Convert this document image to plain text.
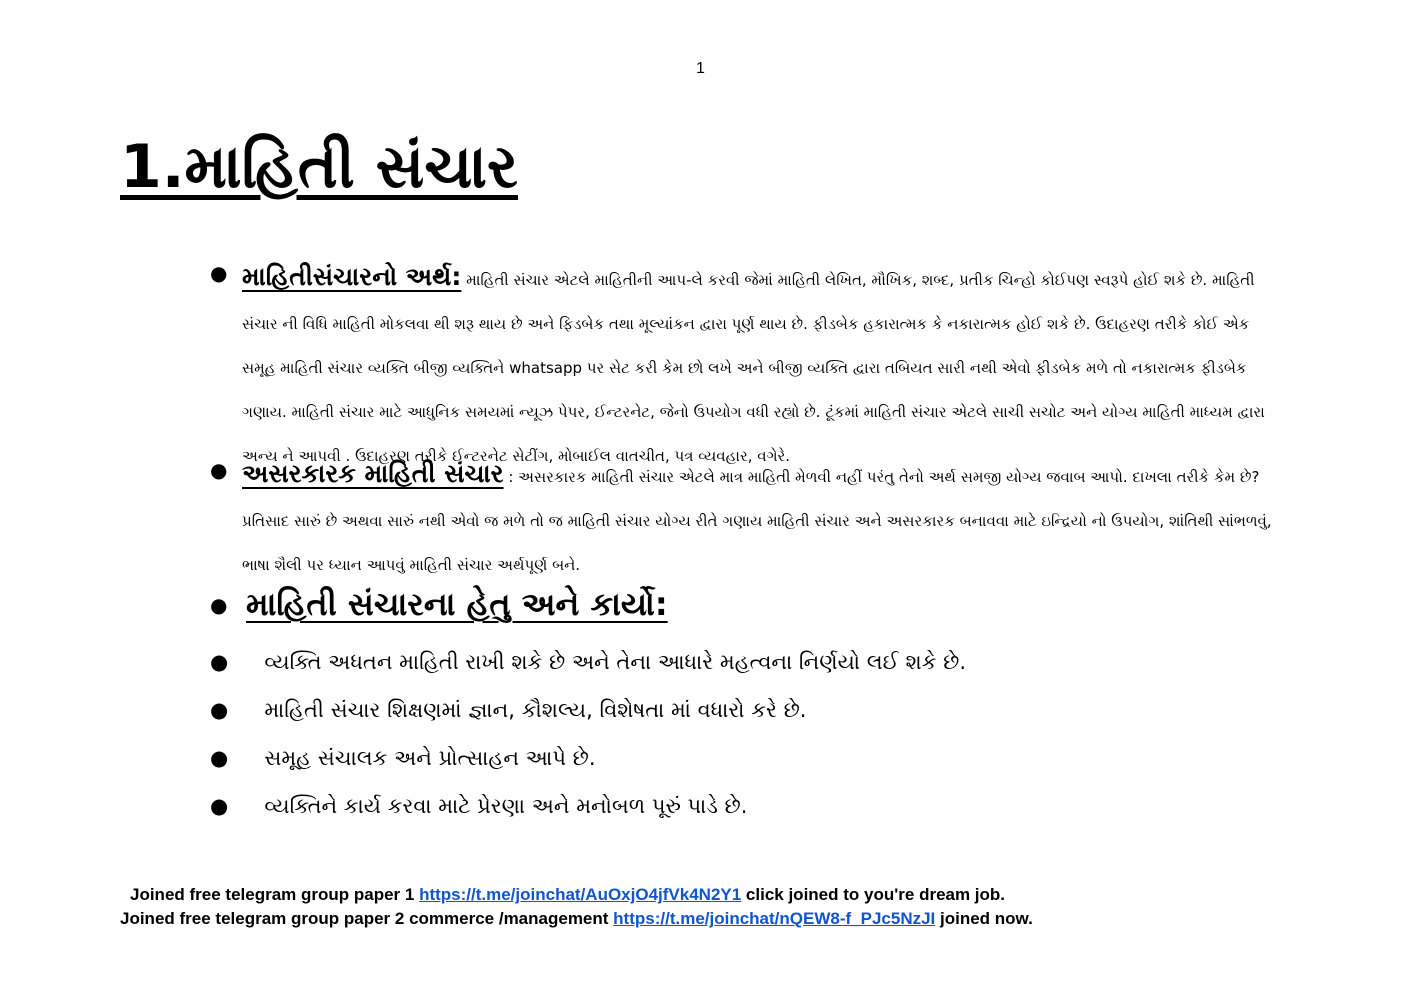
1
1.માહિતી સંચાર
● માહિતીસંચારનો અર્થ: માહિતી સંચાર એટલે માહિતીની આપ-લે કરવી જેમાં માહિતી લેખિત, મૌખિક, શબ્દ, પ્રતીક ચિન્હો કોઈપણ સ્વરૂપે હોઈ શકે છે. માહિતી સંચાર ની વિધિ માહિતી મોકલવા થી શરૂ થાય છે અને ફિડબેક તથા મૂલ્યાંકન દ્વારા પૂર્ણ થાય છે. ફીડબેક હકારાત્મક કે નકારાત્મક હોઈ શકે છે. ઉદાહરણ તરીકે કોઈ એક સમૂહ માહિતી સંચાર વ્યક્તિ બીજી વ્યક્તિને whatsapp પર સેટ કરી કેમ છો લખે અને બીજી વ્યક્તિ દ્વારા તબિયત સારી નથી એવો ફીડબેક મળે તો નકારાત્મક ફીડબેક ગણાય. માહિતી સંચાર માટે આધુનિક સમયમાં ન્યૂઝ પેપર, ઈન્ટરનેટ, જેનો ઉપયોગ વધી રહ્યો છે. ટૂંકમાં માહિતી સંચાર એટલે સાચી સચોટ અને યોગ્ય માહિતી માધ્યમ દ્વારા અન્ય ને આપવી . ઉદાહરણ તરીકે ઈન્ટરનેટ સેટીંગ, મોબાઈલ વાતચીત, પત્ર વ્યવહાર, વગેરે.
● અસરકારક માહિતી સંચાર : અસરકારક માહિતી સંચાર એટલે માત્ર માહિતી મેળવી નહીં પરંતુ તેનો અર્થ સમજી યોગ્ય જવાબ આપો. દાખલા તરીકે કેમ છે? પ્રતિસાદ સારું છે અથવા સારું નથી એવો જ મળે તો જ માહિતી સંચાર યોગ્ય રીતે ગણાય માહિતી સંચાર અને અસરકારક બનાવવા માટે ઇન્દ્રિયો નો ઉપયોગ, શાંતિથી સાંભળવું, ભાષા શૈલી પર ધ્યાન આપવું માહિતી સંચાર અર્થપૂર્ણ બને.
● માહિતી સંચારના હેતુ અને કાર્યો:
● વ્યક્તિ અધતન માહિતી રાખી શકે છે અને તેના આધારે મહત્વના નિર્ણયો લઈ શકે છે.
● માહિતી સંચાર શિક્ષણમાં જ્ઞાન, કૌશલ્ય, વિશેષતા માં વધારો કરે છે.
● સમૂહ સંચાલક અને પ્રોત્સાહન આપે છે.
● વ્યક્તિને કાર્ય કરવા માટે પ્રેરણા અને મનોબળ પૂરું પાડે છે.
Joined free telegram group paper 1 https://t.me/joinchat/AuOxjO4jfVk4N2Y1 click joined to you're dream job.
Joined free telegram group paper 2 commerce /management https://t.me/joinchat/nQEW8-f_PJc5NzJI joined now.
